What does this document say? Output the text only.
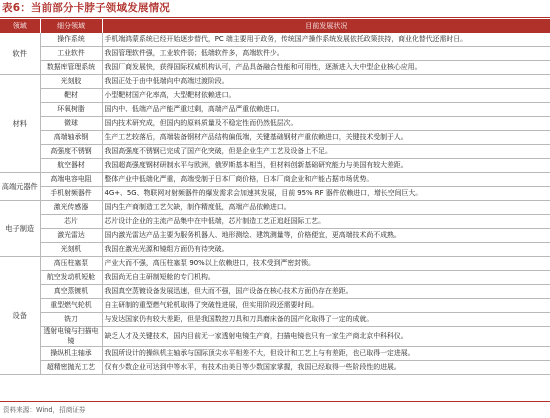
表6：当前部分卡脖子领域发展情况
领域	细分领域	目前发展状况
软件	操作系统	手机端鸿蒙系统已经开始逐步替代，PC 端主要用于政务，传统国产操作系统发展依托政策扶持，商业化替代还需时日。
	工业软件	我国管理软件强，工业软件弱；低端软件多，高端软件少。
	数据库管理系统	我国厂商发展快，获得国际权威机构认可，产品具备融合性能和可用性，逐渐进入大中型企业核心应用。
材料	光刻胶	我国正处于由中低端向中高端过渡阶段。
	靶材	小型靶材国产化率高，大型靶材依赖进口。
	环氧树脂	国内中、低端产品产能严重过剩，高端产品严重依赖进口。
	微球	国内技术研究成，但国内的原料质量及不稳定性而仍然低层次。
	高端轴承钢	生产工艺较落后，高端装备钢材产品结构偏低端，关键基础钢材产重依赖进口，关键技术受制于人。
	高强度不锈钢	我国高强度不锈钢已完成了国产化突破，但是企业生产工艺及设备上不足。
	航空器材	我国超高强度钢材研制水平与欧洲，俄罗斯基本相当，但材料创新基础研究能力与美国有较大差距。
高端元器件	高端电容电阻	整体产业中低端化严重，高端受制于日本厂商价格，日本厂商企业和产能占据市场优势。
	手机射频器件	4G+、5G、物联网对射频器件的爆发需求会加速其发展，目前 95% RF 器件依赖进口，增长空间巨大。
电子制造	激光传感器	国内生产商制造工艺欠缺，制作精度低，高端产品依赖进口。
	芯片	芯片设计企业的主流产品集中在中低端，芯片制造工艺正追赶国际工艺。
	激光雷达	国内激光雷达产品主要为服务机器人、地形测绘、建筑测量等，价格便宜，更高端技术尚不成熟。
	光刻机	我国在激光光源和镜组方面仍有待突破。
设备	高压柱塞泵	产业大而不强，高压柱塞泵 90%以上依赖进口，技术受到严密封锁。
	航空发动机短舱	我国尚无自主研制短舱的专门机构。
	真空蒸镀机	我国真空蒸镀设备发展迅速，但大而不强，国产设备在核心技术方面仍存在差距。
	重型燃气轮机	自主研制的重型燃气轮机取得了突破性进展，但实用阶段还需要时间。
	铣刀	与发达国家仍有较大差距，但是我国数控刀具和刀具磨床备的国产化取得了一定的成就。
	透射电镜与扫描电镜	缺乏人才及关键技术，国内目前无一家透射电镜生产商，扫描电镜也只有一家生产商北京中科科仪。
	操纵机主轴承	我国所设计的操纵机主轴承与国际顶尖水平相差不大，但设计和工艺上与有差距，也已取得一定进展。
	超精密抛光工艺	仅有少数企业可达到中等水平，有技术由美日等少数国家掌握，我国已经取得一些阶段性的进展。
资料来源：Wind，招商证券
